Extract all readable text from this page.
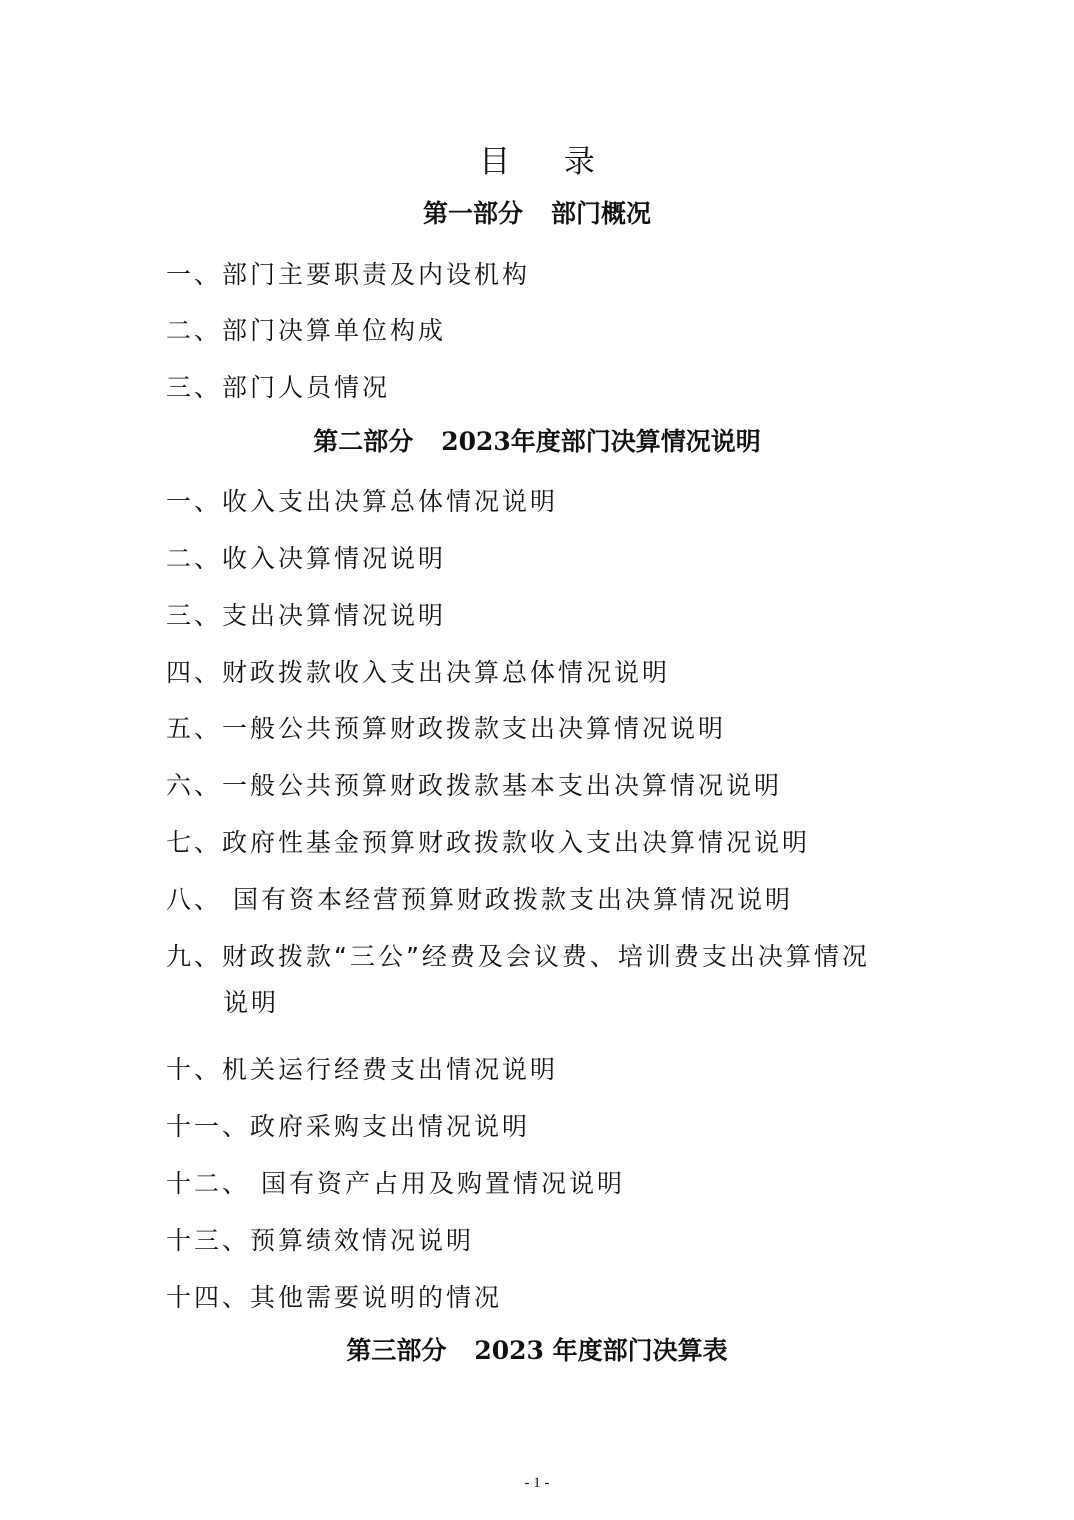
目 录
第一部分 部门概况
一、部门主要职责及内设机构
二、部门决算单位构成
三、部门人员情况
第二部分 2023年度部门决算情况说明
一、收入支出决算总体情况说明
二、收入决算情况说明
三、支出决算情况说明
四、财政拨款收入支出决算总体情况说明
五、一般公共预算财政拨款支出决算情况说明
六、一般公共预算财政拨款基本支出决算情况说明
七、政府性基金预算财政拨款收入支出决算情况说明
八、 国有资本经营预算财政拨款支出决算情况说明
九、财政拨款“三公”经费及会议费、培训费支出决算情况
说明
十、机关运行经费支出情况说明
十一、政府采购支出情况说明
十二、 国有资产占用及购置情况说明
十三、预算绩效情况说明
十四、其他需要说明的情况
第三部分 2023 年度部门决算表
- 1 -
